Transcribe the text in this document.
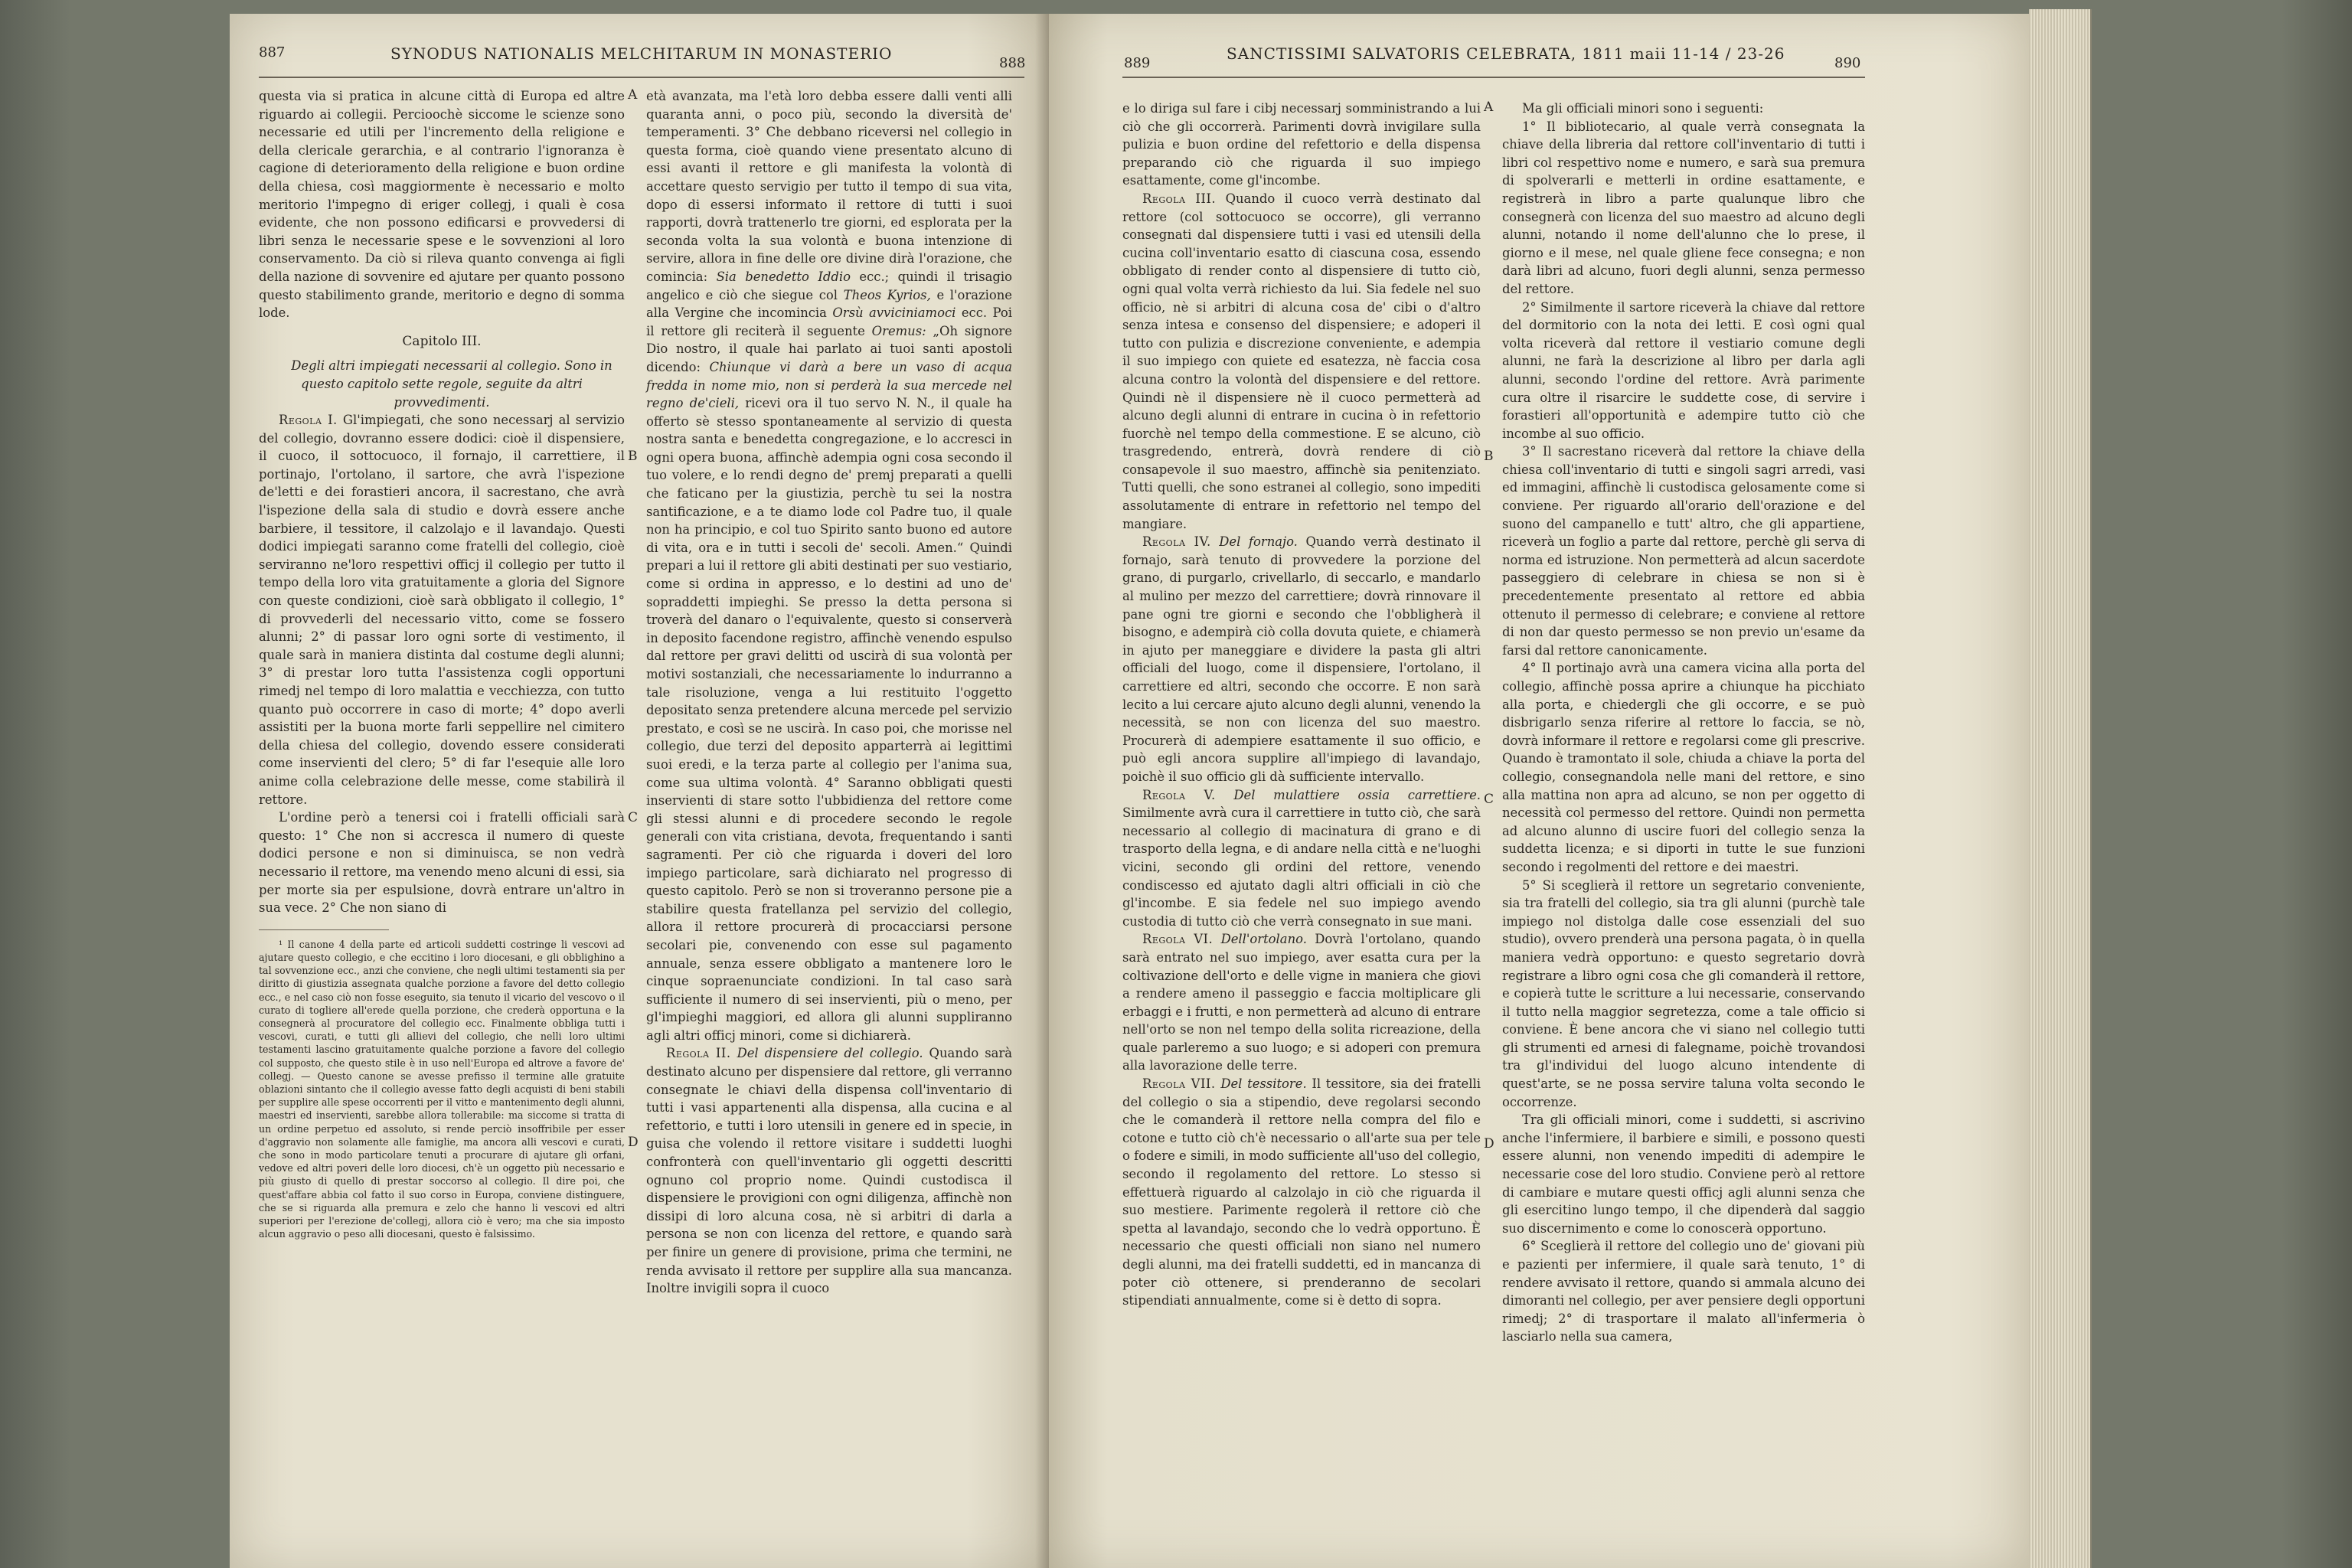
887	SYNODUS NATIONALIS MELCHITARUM IN MONASTERIO
888

questa via si pratica in alcune città di Europa ed altre riguardo ai collegii. Percioochè siccome le scienze sono necessarie ed utili per l'incremento della religione e della clericale gerarchia, e al contrario l'ignoranza è cagione di deterioramento della religione e buon ordine della chiesa, così maggiormente è necessario e molto meritorio l'impegno di eriger collegj, i quali è cosa evidente, che non possono edificarsi e provvedersi di libri senza le necessarie spese e le sovvenzioni al loro conservamento. Da ciò si rileva quanto convenga ai figli della nazione di sovvenire ed ajutare per quanto possono questo stabilimento grande, meritorio e degno di somma lode.

Capitolo III.

Degli altri impiegati necessarii al collegio. Sono in questo capitolo sette regole, seguite da altri provvedimenti.

Regola I. Gl'impiegati, che sono necessarj al servizio del collegio, dovranno essere dodici: cioè il dispensiere, il cuoco, il sottocuoco, il fornajo, il carrettiere, il portinajo, l'ortolano, il sartore, che avrà l'ispezione de'letti e dei forastieri ancora, il sacrestano, che avrà l'ispezione della sala di studio e dovrà essere anche barbiere, il tessitore, il calzolajo e il lavandajo. Questi dodici impiegati saranno come fratelli del collegio, cioè serviranno ne'loro respettivi officj il collegio per tutto il tempo della loro vita gratuitamente a gloria del Signore con queste condizioni, cioè sarà obbligato il collegio, 1° di provvederli del necessario vitto, come se fossero alunni; 2° di passar loro ogni sorte di vestimento, il quale sarà in maniera distinta dal costume degli alunni; 3° di prestar loro tutta l'assistenza cogli opportuni rimedj nel tempo di loro malattia e vecchiezza, con tutto quanto può occorrere in caso di morte; 4° dopo averli assistiti per la buona morte farli seppellire nel cimitero della chiesa del collegio, dovendo essere considerati come inservienti del clero; 5° di far l'esequie alle loro anime colla celebrazione delle messe, come stabilirà il rettore.

L'ordine però a tenersi coi i fratelli officiali sarà questo: 1° Che non si accresca il numero di queste dodici persone e non si diminuisca, se non vedrà necessario il rettore, ma venendo meno alcuni di essi, sia per morte sia per espulsione, dovrà entrare un'altro in sua vece. 2° Che non siano di

¹ Il canone 4 della parte ed articoli suddetti costringe li vescovi ad ajutare questo collegio, e che eccitino i loro diocesani, e gli obblighino a tal sovvenzione ecc., anzi che conviene, che negli ultimi testamenti sia per diritto di giustizia assegnata qualche porzione a favore del detto collegio ecc., e nel caso ciò non fosse eseguito, sia tenuto il vicario del vescovo o il curato di togliere all'erede quella porzione, che crederà opportuna e la consegnerà al procuratore del collegio ecc. Finalmente obbliga tutti i vescovi, curati, e tutti gli allievi del collegio, che nelli loro ultimi testamenti lascino gratuitamente qualche porzione a favore del collegio col supposto, che questo stile è in uso nell'Europa ed altrove a favore de' collegj. — Questo canone se avesse prefisso il termine alle gratuite oblazioni sintanto che il collegio avesse fatto degli acquisti di beni stabili per supplire alle spese occorrenti per il vitto e mantenimento degli alunni, maestri ed inservienti, sarebbe allora tollerabile: ma siccome si tratta di un ordine perpetuo ed assoluto, si rende perciò insoffribile per esser d'aggravio non solamente alle famiglie, ma ancora alli vescovi e curati, che sono in modo particolare tenuti a procurare di ajutare gli orfani, vedove ed altri poveri delle loro diocesi, ch'è un oggetto più necessario e più giusto di quello di prestar soccorso al collegio. Il dire poi, che quest'affare abbia col fatto il suo corso in Europa, conviene distinguere, che se si riguarda alla premura e zelo che hanno li vescovi ed altri superiori per l'erezione de'collegj, allora ciò è vero; ma che sia imposto alcun aggravio o peso alli diocesani, questo è falsissimo.

A
B
C
D

età avanzata, ma l'età loro debba essere dalli venti alli quaranta anni, o poco più, secondo la diversità de' temperamenti. 3° Che debbano riceversi nel collegio in questa forma, cioè quando viene presentato alcuno di essi avanti il rettore e gli manifesta la volontà di accettare questo servigio per tutto il tempo di sua vita, dopo di essersi informato il rettore di tutti i suoi rapporti, dovrà trattenerlo tre giorni, ed esplorata per la seconda volta la sua volontà e buona intenzione di servire, allora in fine delle ore divine dirà l'orazione, che comincia: Sia benedetto Iddio ecc.; quindi il trisagio angelico e ciò che siegue col Theos Kyrios, e l'orazione alla Vergine che incomincia Orsù avviciniamoci ecc. Poi il rettore gli reciterà il seguente Oremus: „Oh signore Dio nostro, il quale hai parlato ai tuoi santi apostoli dicendo: Chiunque vi darà a bere un vaso di acqua fredda in nome mio, non si perderà la sua mercede nel regno de'cieli, ricevi ora il tuo servo N. N., il quale ha offerto sè stesso spontaneamente al servizio di questa nostra santa e benedetta congregazione, e lo accresci in ogni opera buona, affinchè adempia ogni cosa secondo il tuo volere, e lo rendi degno de' premj preparati a quelli che faticano per la giustizia, perchè tu sei la nostra santificazione, e a te diamo lode col Padre tuo, il quale non ha principio, e col tuo Spirito santo buono ed autore di vita, ora e in tutti i secoli de' secoli. Amen.“ Quindi prepari a lui il rettore gli abiti destinati per suo vestiario, come si ordina in appresso, e lo destini ad uno de' sopraddetti impieghi. Se presso la detta persona si troverà del danaro o l'equivalente, questo si conserverà in deposito facendone registro, affinchè venendo espulso dal rettore per gravi delitti od uscirà di sua volontà per motivi sostanziali, che necessariamente lo indurranno a tale risoluzione, venga a lui restituito l'oggetto depositato senza pretendere alcuna mercede pel servizio prestato, e così se ne uscirà. In caso poi, che morisse nel collegio, due terzi del deposito apparterrà ai legittimi suoi eredi, e la terza parte al collegio per l'anima sua, come sua ultima volontà. 4° Saranno obbligati questi inservienti di stare sotto l'ubbidienza del rettore come gli stessi alunni e di procedere secondo le regole generali con vita cristiana, devota, frequentando i santi sagramenti. Per ciò che riguarda i doveri del loro impiego particolare, sarà dichiarato nel progresso di questo capitolo. Però se non si troveranno persone pie a stabilire questa fratellanza pel servizio del collegio, allora il rettore procurerà di procacciarsi persone secolari pie, convenendo con esse sul pagamento annuale, senza essere obbligato a mantenere loro le cinque sopraenunciate condizioni. In tal caso sarà sufficiente il numero di sei inservienti, più o meno, per gl'impieghi maggiori, ed allora gli alunni suppliranno agli altri officj minori, come si dichiarerà.

Regola II. Del dispensiere del collegio. Quando sarà destinato alcuno per dispensiere dal rettore, gli verranno consegnate le chiavi della dispensa coll'inventario di tutti i vasi appartenenti alla dispensa, alla cucina e al refettorio, e tutti i loro utensili in genere ed in specie, in guisa che volendo il rettore visitare i suddetti luoghi confronterà con quell'inventario gli oggetti descritti ognuno col proprio nome. Quindi custodisca il dispensiere le provigioni con ogni diligenza, affinchè non dissipi di loro alcuna cosa, nè si arbitri di darla a persona se non con licenza del rettore, e quando sarà per finire un genere di provisione, prima che termini, ne renda avvisato il rettore per supplire alla sua mancanza. Inoltre invigili sopra il cuoco

889
SANCTISSIMI SALVATORIS CELEBRATA, 1811 maii 11-14 / 23-26
890

e lo diriga sul fare i cibj necessarj somministrando a lui ciò che gli occorrerà. Parimenti dovrà invigilare sulla pulizia e buon ordine del refettorio e della dispensa preparando ciò che riguarda il suo impiego esattamente, come gl'incombe.

Regola III. Quando il cuoco verrà destinato dal rettore (col sottocuoco se occorre), gli verranno consegnati dal dispensiere tutti i vasi ed utensili della cucina coll'inventario esatto di ciascuna cosa, essendo obbligato di render conto al dispensiere di tutto ciò, ogni qual volta verrà richiesto da lui. Sia fedele nel suo officio, nè si arbitri di alcuna cosa de' cibi o d'altro senza intesa e consenso del dispensiere; e adoperi il tutto con pulizia e discrezione conveniente, e adempia il suo impiego con quiete ed esatezza, nè faccia cosa alcuna contro la volontà del dispensiere e del rettore. Quindi nè il dispensiere nè il cuoco permetterà ad alcuno degli alunni di entrare in cucina ò in refettorio fuorchè nel tempo della commestione. E se alcuno, ciò trasgredendo, entrerà, dovrà rendere di ciò consapevole il suo maestro, affinchè sia penitenziato. Tutti quelli, che sono estranei al collegio, sono impediti assolutamente di entrare in refettorio nel tempo del mangiare.

Regola IV. Del fornajo. Quando verrà destinato il fornajo, sarà tenuto di provvedere la porzione del grano, di purgarlo, crivellarlo, di seccarlo, e mandarlo al mulino per mezzo del carrettiere; dovrà rinnovare il pane ogni tre giorni e secondo che l'obbligherà il bisogno, e adempirà ciò colla dovuta quiete, e chiamerà in ajuto per maneggiare e dividere la pasta gli altri officiali del luogo, come il dispensiere, l'ortolano, il carrettiere ed altri, secondo che occorre. E non sarà lecito a lui cercare ajuto alcuno degli alunni, venendo la necessità, se non con licenza del suo maestro. Procurerà di adempiere esattamente il suo officio, e può egli ancora supplire all'impiego di lavandajo, poichè il suo officio gli dà sufficiente intervallo.

Regola V. Del mulattiere ossia carrettiere. Similmente avrà cura il carrettiere in tutto ciò, che sarà necessario al collegio di macinatura di grano e di trasporto della legna, e di andare nella città e ne'luoghi vicini, secondo gli ordini del rettore, venendo condiscesso ed ajutato dagli altri officiali in ciò che gl'incombe. E sia fedele nel suo impiego avendo custodia di tutto ciò che verrà consegnato in sue mani.

Regola VI. Dell'ortolano. Dovrà l'ortolano, quando sarà entrato nel suo impiego, aver esatta cura per la coltivazione dell'orto e delle vigne in maniera che giovi a rendere ameno il passeggio e faccia moltiplicare gli erbaggi e i frutti, e non permetterà ad alcuno di entrare nell'orto se non nel tempo della solita ricreazione, della quale parleremo a suo luogo; e si adoperi con premura alla lavorazione delle terre.

Regola VII. Del tessitore. Il tessitore, sia dei fratelli del collegio o sia a stipendio, deve regolarsi secondo che le comanderà il rettore nella compra del filo e cotone e tutto ciò ch'è necessario o all'arte sua per tele o fodere e simili, in modo sufficiente all'uso del collegio, secondo il regolamento del rettore. Lo stesso si effettuerà riguardo al calzolajo in ciò che riguarda il suo mestiere. Parimente regolerà il rettore ciò che spetta al lavandajo, secondo che lo vedrà opportuno. È necessario che questi officiali non siano nel numero degli alunni, ma dei fratelli suddetti, ed in mancanza di poter ciò ottenere, si prenderanno de secolari stipendiati annualmente, come si è detto di sopra.

A
B
C
D

Ma gli officiali minori sono i seguenti:

1° Il bibliotecario, al quale verrà consegnata la chiave della libreria dal rettore coll'inventario di tutti i libri col respettivo nome e numero, e sarà sua premura di spolverarli e metterli in ordine esattamente, e registrerà in libro a parte qualunque libro che consegnerà con licenza del suo maestro ad alcuno degli alunni, notando il nome dell'alunno che lo prese, il giorno e il mese, nel quale gliene fece consegna; e non darà libri ad alcuno, fuori degli alunni, senza permesso del rettore.

2° Similmente il sartore riceverà la chiave dal rettore del dormitorio con la nota dei letti. E così ogni qual volta riceverà dal rettore il vestiario comune degli alunni, ne farà la descrizione al libro per darla agli alunni, secondo l'ordine del rettore. Avrà parimente cura oltre il risarcire le suddette cose, di servire i forastieri all'opportunità e adempire tutto ciò che incombe al suo officio.

3° Il sacrestano riceverà dal rettore la chiave della chiesa coll'inventario di tutti e singoli sagri arredi, vasi ed immagini, affinchè li custodisca gelosamente come si conviene. Per riguardo all'orario dell'orazione e del suono del campanello e tutt' altro, che gli appartiene, riceverà un foglio a parte dal rettore, perchè gli serva di norma ed istruzione. Non permetterà ad alcun sacerdote passeggiero di celebrare in chiesa se non si è precedentemente presentato al rettore ed abbia ottenuto il permesso di celebrare; e conviene al rettore di non dar questo permesso se non previo un'esame da farsi dal rettore canonicamente.

4° Il portinajo avrà una camera vicina alla porta del collegio, affinchè possa aprire a chiunque ha picchiato alla porta, e chiedergli che gli occorre, e se può disbrigarlo senza riferire al rettore lo faccia, se nò, dovrà informare il rettore e regolarsi come gli prescrive. Quando è tramontato il sole, chiuda a chiave la porta del collegio, consegnandola nelle mani del rettore, e sino alla mattina non apra ad alcuno, se non per oggetto di necessità col permesso del rettore. Quindi non permetta ad alcuno alunno di uscire fuori del collegio senza la suddetta licenza; e si diporti in tutte le sue funzioni secondo i regolmenti del rettore e dei maestri.

5° Si sceglierà il rettore un segretario conveniente, sia tra fratelli del collegio, sia tra gli alunni (purchè tale impiego nol distolga dalle cose essenziali del suo studio), ovvero prenderà una persona pagata, ò in quella maniera vedrà opportuno: e questo segretario dovrà registrare a libro ogni cosa che gli comanderà il rettore, e copierà tutte le scritture a lui necessarie, conservando il tutto nella maggior segretezza, come a tale officio si conviene. È bene ancora che vi siano nel collegio tutti gli strumenti ed arnesi di falegname, poichè trovandosi tra gl'individui del luogo alcuno intendente di quest'arte, se ne possa servire taluna volta secondo le occorrenze.

Tra gli officiali minori, come i suddetti, si ascrivino anche l'infermiere, il barbiere e simili, e possono questi essere alunni, non venendo impediti di adempire le necessarie cose del loro studio. Conviene però al rettore di cambiare e mutare questi officj agli alunni senza che gli esercitino lungo tempo, il che dipenderà dal saggio suo discernimento e come lo conoscerà opportuno.

6° Sceglierà il rettore del collegio uno de' giovani più e pazienti per infermiere, il quale sarà tenuto, 1° di rendere avvisato il rettore, quando si ammala alcuno dei dimoranti nel collegio, per aver pensiere degli opportuni rimedj; 2° di trasportare il malato all'infermeria ò lasciarlo nella sua camera,
